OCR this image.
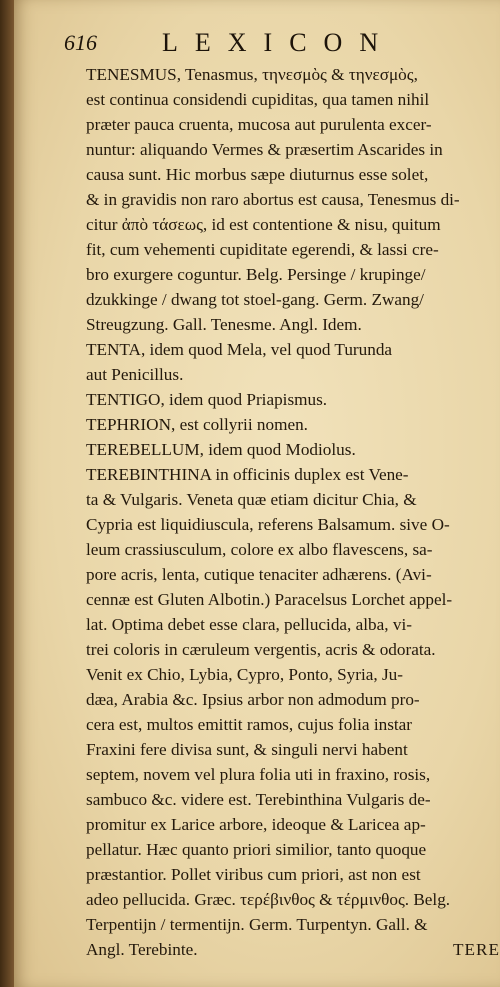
616	LEXICON
TENESMUS, Tenasmus, τηνεσμὸς & τηνεσμὸς,
est continua considendi cupiditas, qua tamen nihil
præter pauca cruenta, mucosa aut purulenta excer-
nuntur: aliquando Vermes & præsertim Ascarides in
causa sunt. Hic morbus sæpe diuturnus esse solet,
& in gravidis non raro abortus est causa, Tenesmus di-
citur ἀπὸ τάσεως, id est contentione & nisu, quitum
fit, cum vehementi cupiditate egerendi, & lassi cre-
bro exurgere coguntur. Belg. Persinge / krupinge/
dzukkinge / dwang tot stoel-gang. Germ. Zwang/
Streugzung. Gall. Tenesme. Angl. Idem.
TENTA, idem quod Mela, vel quod Turunda
aut Penicillus.
TENTIGO, idem quod Priapismus.
TEPHRION, est collyrii nomen.
TEREBELLUM, idem quod Modiolus.
TEREBINTHINA in officinis duplex est Vene-
ta & Vulgaris. Veneta quæ etiam dicitur Chia, &
Cypria est liquidiuscula, referens Balsamum. sive O-
leum crassiusculum, colore ex albo flavescens, sa-
pore acris, lenta, cutique tenaciter adhærens. (Avi-
cennæ est Gluten Albotin.) Paracelsus Lorchet appel-
lat. Optima debet esse clara, pellucida, alba, vi-
trei coloris in cæruleum vergentis, acris & odorata.
Venit ex Chio, Lybia, Cypro, Ponto, Syria, Ju-
dæa, Arabia &c. Ipsius arbor non admodum pro-
cera est, multos emittit ramos, cujus folia instar
Fraxini fere divisa sunt, & singuli nervi habent
septem, novem vel plura folia uti in fraxino, rosis,
sambuco &c. videre est. Terebinthina Vulgaris de-
promitur ex Larice arbore, ideoque & Laricea ap-
pellatur. Hæc quanto priori similior, tanto quoque
præstantior. Pollet viribus cum priori, ast non est
adeo pellucida. Græc. τερέβινθος & τέρμινθος. Belg.
Terpentijn / termentijn. Germ. Turpentyn. Gall. &
Angl. Terebinte.	TERE
